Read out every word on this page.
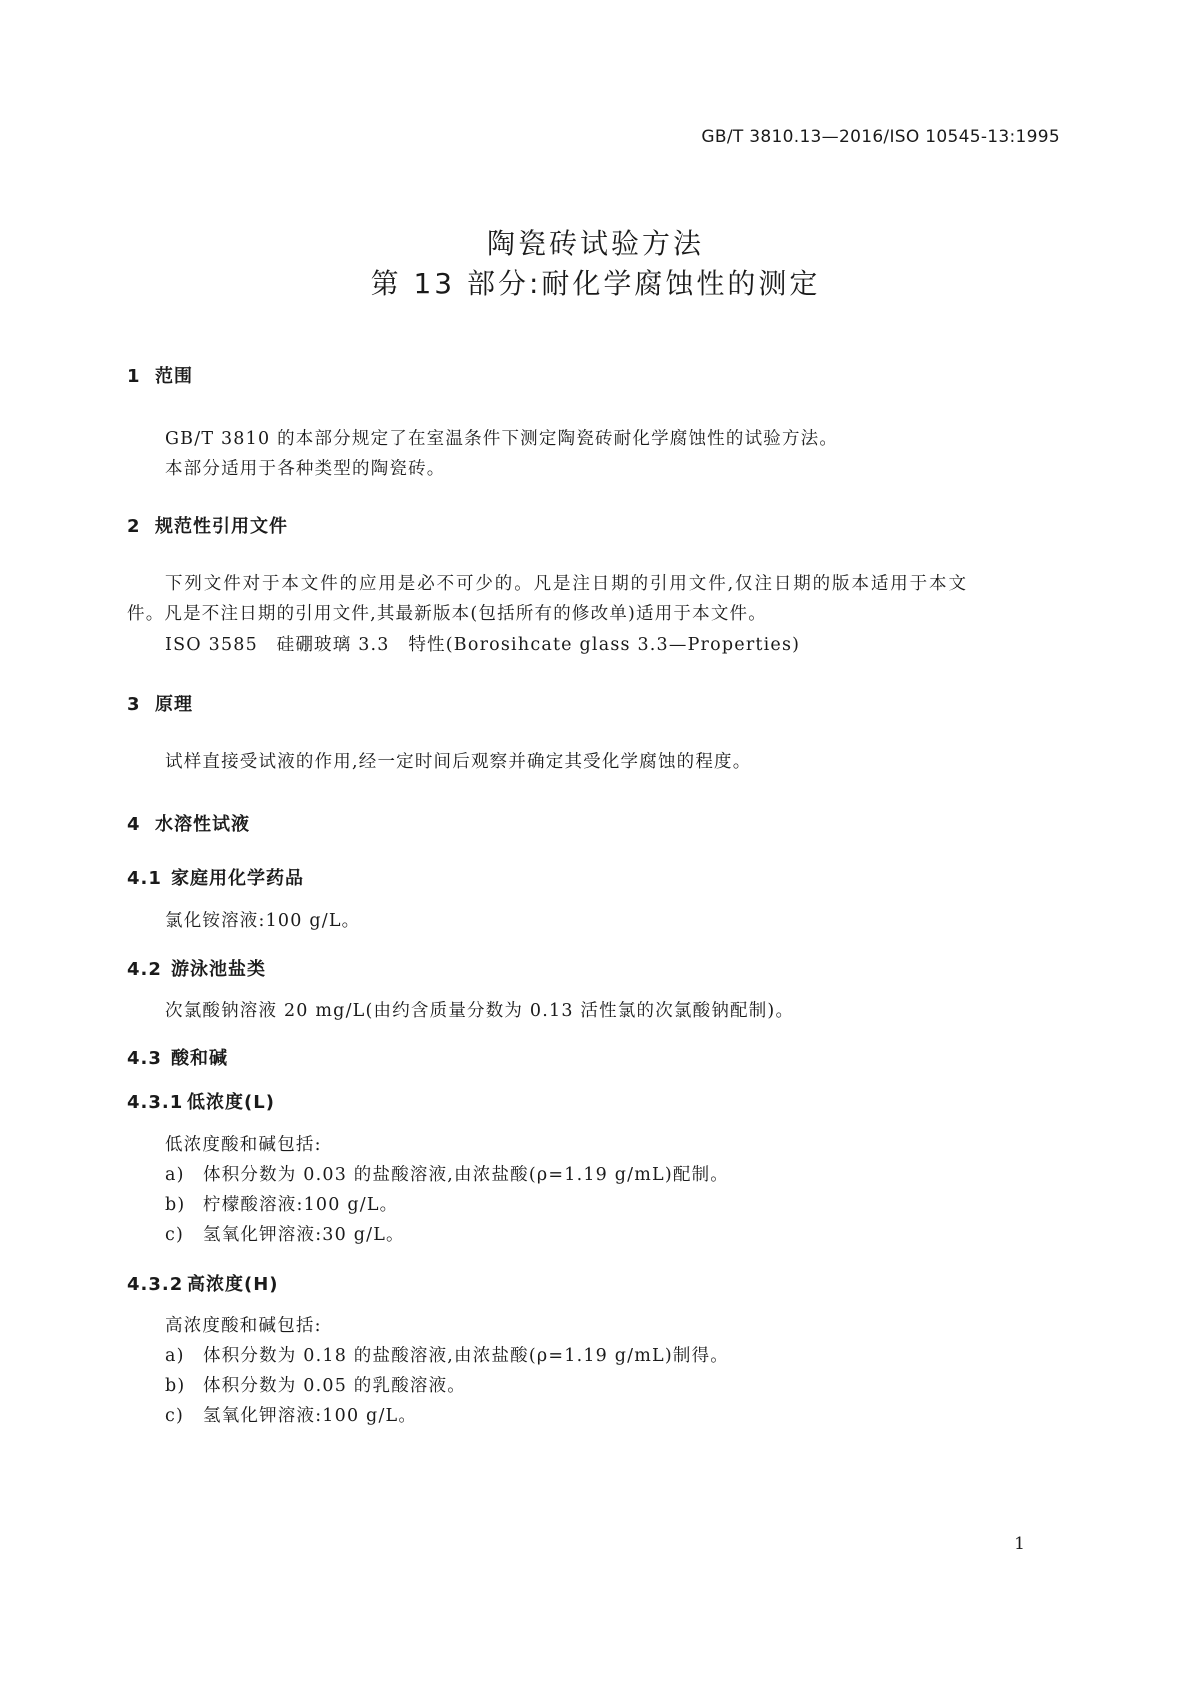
GB/T 3810.13—2016/ISO 10545-13:1995
陶瓷砖试验方法
第 13 部分:耐化学腐蚀性的测定
1 范围
GB/T 3810 的本部分规定了在室温条件下测定陶瓷砖耐化学腐蚀性的试验方法。
本部分适用于各种类型的陶瓷砖。
2 规范性引用文件
下列文件对于本文件的应用是必不可少的。凡是注日期的引用文件,仅注日期的版本适用于本文
件。凡是不注日期的引用文件,其最新版本(包括所有的修改单)适用于本文件。
ISO 3585　硅硼玻璃 3.3　特性(Borosihcate glass 3.3—Properties)
3 原理
试样直接受试液的作用,经一定时间后观察并确定其受化学腐蚀的程度。
4 水溶性试液
4.1 家庭用化学药品
氯化铵溶液:100 g/L。
4.2 游泳池盐类
次氯酸钠溶液 20 mg/L(由约含质量分数为 0.13 活性氯的次氯酸钠配制)。
4.3 酸和碱
4.3.1 低浓度(L)
低浓度酸和碱包括:
a) 体积分数为 0.03 的盐酸溶液,由浓盐酸(ρ=1.19 g/mL)配制。
b) 柠檬酸溶液:100 g/L。
c) 氢氧化钾溶液:30 g/L。
4.3.2 高浓度(H)
高浓度酸和碱包括:
a) 体积分数为 0.18 的盐酸溶液,由浓盐酸(ρ=1.19 g/mL)制得。
b) 体积分数为 0.05 的乳酸溶液。
c) 氢氧化钾溶液:100 g/L。
1
